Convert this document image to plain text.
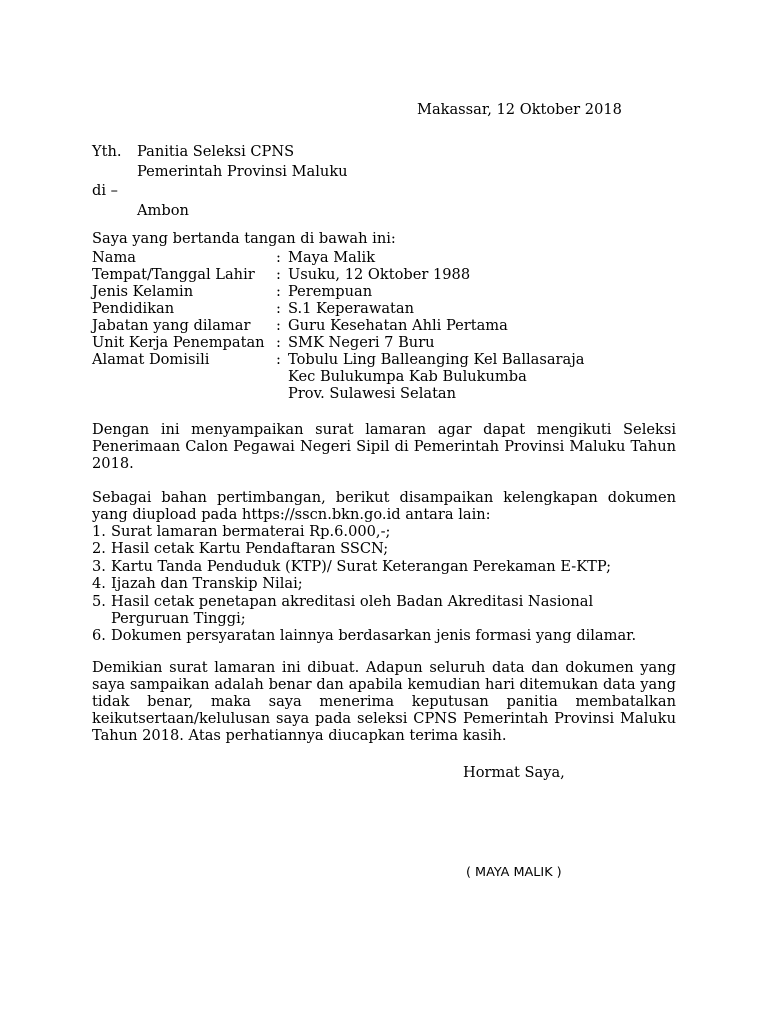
Makassar, 12 Oktober 2018
Yth.	Panitia Seleksi CPNS
Pemerintah Provinsi Maluku
di –
Ambon
Saya yang bertanda tangan di bawah ini:
Nama	: Maya Malik
Tempat/Tanggal Lahir	: Usuku, 12 Oktober 1988
Jenis Kelamin	: Perempuan
Pendidikan	: S.1 Keperawatan
Jabatan yang dilamar	: Guru Kesehatan Ahli Pertama
Unit Kerja Penempatan : SMK Negeri 7 Buru
Alamat Domisili	: Tobulu Ling Balleanging Kel Ballasaraja
Kec Bulukumpa Kab Bulukumba
Prov. Sulawesi Selatan
Dengan ini menyampaikan surat lamaran agar dapat mengikuti Seleksi Penerimaan Calon Pegawai Negeri Sipil di Pemerintah Provinsi Maluku Tahun 2018.
Sebagai bahan pertimbangan, berikut disampaikan kelengkapan dokumen yang diupload pada https://sscn.bkn.go.id antara lain:
1. Surat lamaran bermaterai Rp.6.000,-;
2. Hasil cetak Kartu Pendaftaran SSCN;
3. Kartu Tanda Penduduk (KTP)/ Surat Keterangan Perekaman E-KTP;
4. Ijazah dan Transkip Nilai;
5. Hasil cetak penetapan akreditasi oleh Badan Akreditasi Nasional
Perguruan Tinggi;
6. Dokumen persyaratan lainnya berdasarkan jenis formasi yang dilamar.
Demikian surat lamaran ini dibuat. Adapun seluruh data dan dokumen yang saya sampaikan adalah benar dan apabila kemudian hari ditemukan data yang tidak benar, maka saya menerima keputusan panitia membatalkan keikutsertaan/kelulusan saya pada seleksi CPNS Pemerintah Provinsi Maluku Tahun 2018. Atas perhatiannya diucapkan terima kasih.
Hormat Saya,
( MAYA MALIK )
